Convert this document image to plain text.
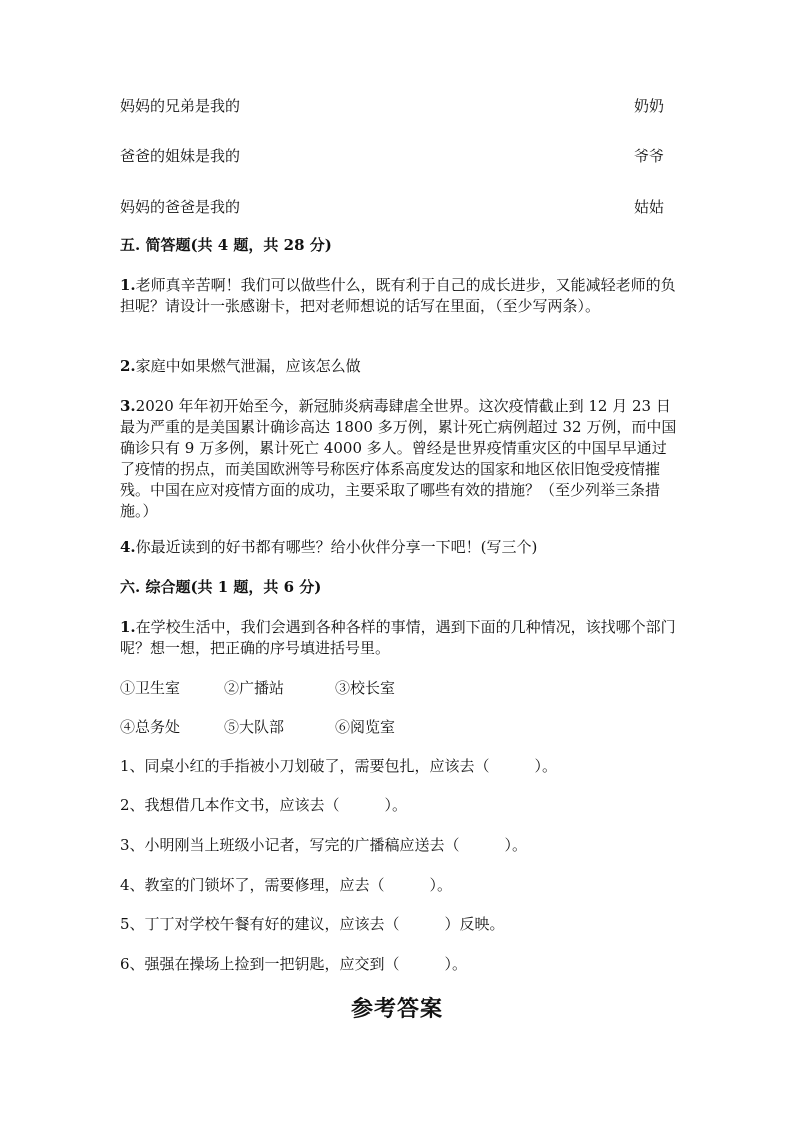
妈妈的兄弟是我的	奶奶
爸爸的姐妹是我的	爷爷
妈妈的爸爸是我的	姑姑
五. 简答题(共 4 题，共 28 分)
1.老师真辛苦啊！我们可以做些什么，既有利于自己的成长进步，又能减轻老师的负担呢？请设计一张感谢卡，把对老师想说的话写在里面，（至少写两条）。
2.家庭中如果燃气泄漏，应该怎么做
3.2020 年年初开始至今，新冠肺炎病毒肆虐全世界。这次疫情截止到 12 月 23 日最为严重的是美国累计确诊高达 1800 多万例，累计死亡病例超过 32 万例，而中国确诊只有 9 万多例，累计死亡 4000 多人。曾经是世界疫情重灾区的中国早早通过了疫情的拐点，而美国欧洲等号称医疗体系高度发达的国家和地区依旧饱受疫情摧残。中国在应对疫情方面的成功，主要采取了哪些有效的措施？（至少列举三条措施。）
4.你最近读到的好书都有哪些？给小伙伴分享一下吧！(写三个)
六. 综合题(共 1 题，共 6 分)
1.在学校生活中，我们会遇到各种各样的事情，遇到下面的几种情况，该找哪个部门呢？想一想，把正确的序号填进括号里。
①卫生室	②广播站	③校长室
④总务处	⑤大队部	⑥阅览室
1、同桌小红的手指被小刀划破了，需要包扎，应该去（　　　）。
2、我想借几本作文书，应该去（　　　）。
3、小明刚当上班级小记者，写完的广播稿应送去（　　　）。
4、教室的门锁坏了，需要修理，应去（　　　）。
5、丁丁对学校午餐有好的建议，应该去（　　　）反映。
6、强强在操场上捡到一把钥匙，应交到（　　　）。
参考答案
